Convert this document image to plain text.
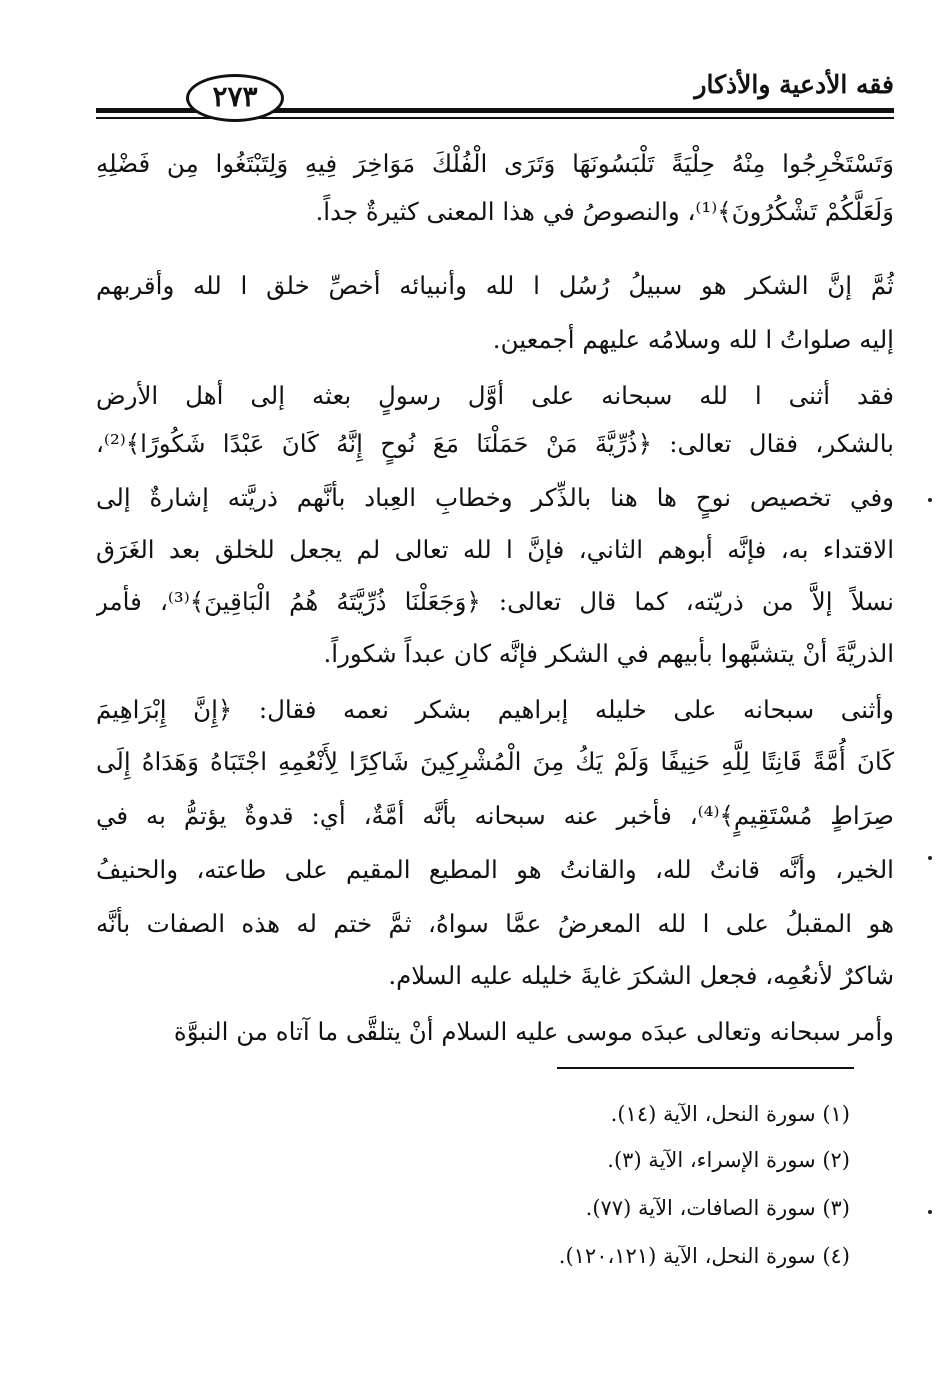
فقه الأدعية والأذكار
٢٧٣
وَتَسْتَخْرِجُوا مِنْهُ حِلْيَةً تَلْبَسُونَهَا وَتَرَى الْفُلْكَ مَوَاخِرَ فِيهِ وَلِتَبْتَغُوا مِن فَضْلِهِ
وَلَعَلَّكُمْ تَشْكُرُونَ﴾⁽¹⁾، والنصوصُ في هذا المعنى كثيرةٌ جداً.
ثُمَّ إنَّ الشكر هو سبيلُ رُسُل ا لله وأنبيائه أخصِّ خلق ا لله وأقربهم
إليه صلواتُ ا لله وسلامُه عليهم أجمعين.
فقد أثنى ا لله سبحانه على أوَّل رسولٍ بعثه إلى أهل الأرض
بالشكر، فقال تعالى: ﴿ذُرِّيَّةَ مَنْ حَمَلْنَا مَعَ نُوحٍ إِنَّهُ كَانَ عَبْدًا شَكُورًا﴾⁽²⁾،
وفي تخصيص نوحٍ ها هنا بالذِّكر وخطابِ العِباد بأنَّهم ذريَّته إشارةٌ إلى
الاقتداء به، فإنَّه أبوهم الثاني، فإنَّ ا لله تعالى لم يجعل للخلق بعد الغَرَق
نسلاً إلاَّ من ذريّته، كما قال تعالى: ﴿وَجَعَلْنَا ذُرِّيَّتَهُ هُمُ الْبَاقِينَ﴾⁽³⁾، فأمر
الذريَّةَ أنْ يتشبَّهوا بأبيهم في الشكر فإنَّه كان عبداً شكوراً.
وأثنى سبحانه على خليله إبراهيم بشكر نعمه فقال: ﴿إِنَّ إِبْرَاهِيمَ
كَانَ أُمَّةً قَانِتًا لِلَّهِ حَنِيفًا وَلَمْ يَكُ مِنَ الْمُشْرِكِينَ شَاكِرًا لِأَنْعُمِهِ اجْتَبَاهُ وَهَدَاهُ إِلَى
صِرَاطٍ مُسْتَقِيمٍ﴾⁽⁴⁾، فأخبر عنه سبحانه بأنَّه أمَّةٌ، أي: قدوةٌ يؤتمُّ به في
الخير، وأنَّه قانتٌ لله، والقانتُ هو المطيع المقيم على طاعته، والحنيفُ
هو المقبلُ على ا لله المعرضُ عمَّا سواهُ، ثمَّ ختم له هذه الصفات بأنَّه
شاكرٌ لأنعُمِه، فجعل الشكرَ غايةَ خليله عليه السلام.
وأمر سبحانه وتعالى عبدَه موسى عليه السلام أنْ يتلقَّى ما آتاه من النبوَّة
(١) سورة النحل، الآية (١٤).
(٢) سورة الإسراء، الآية (٣).
(٣) سورة الصافات، الآية (٧٧).
(٤) سورة النحل، الآية (١٢٠،١٢١).
